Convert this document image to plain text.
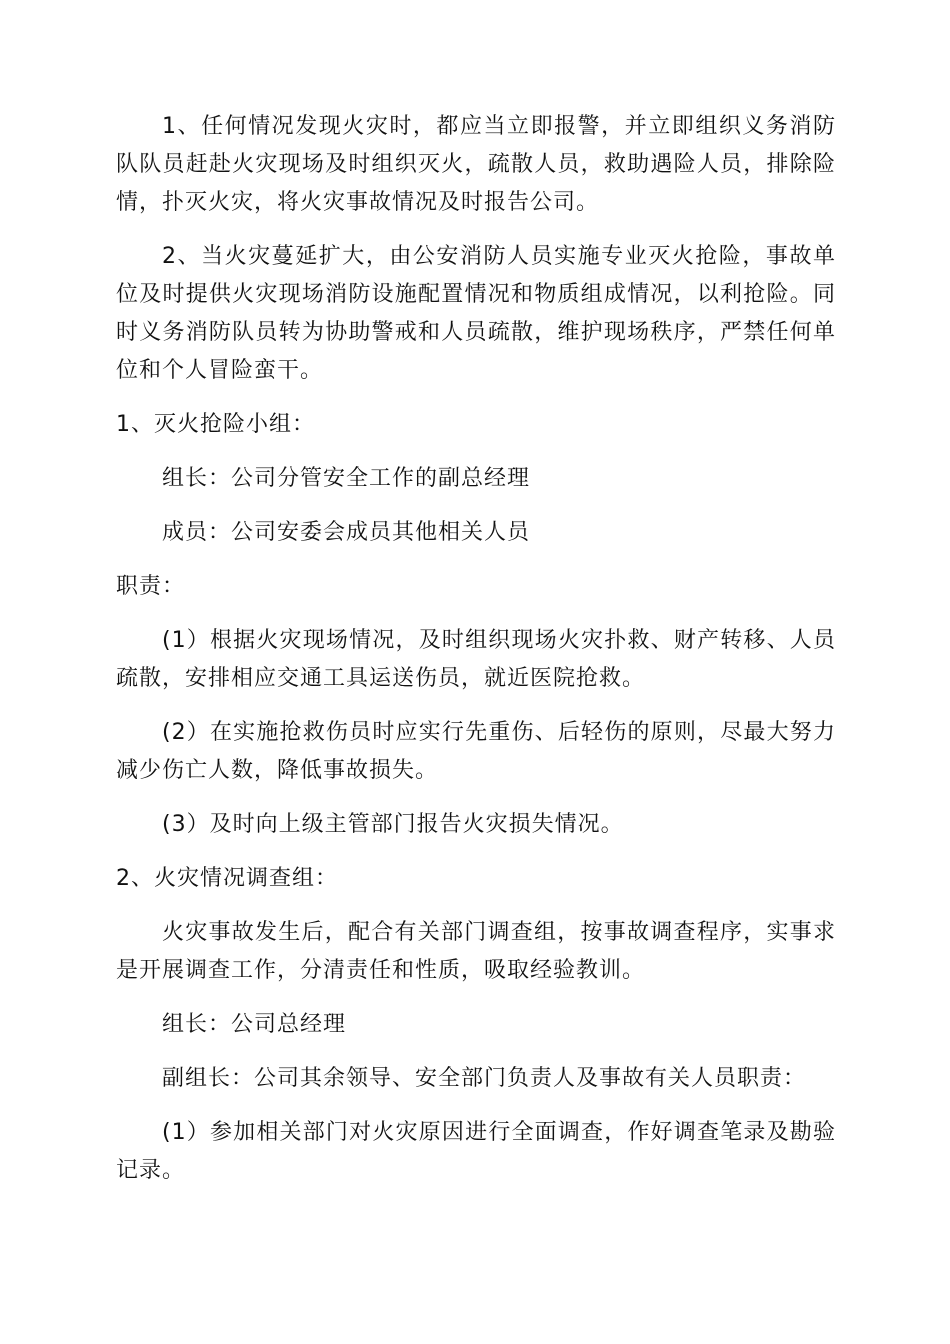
1、任何情况发现火灾时，都应当立即报警，并立即组织义务消防队队员赶赴火灾现场及时组织灭火，疏散人员，救助遇险人员，排除险情，扑灭火灾，将火灾事故情况及时报告公司。

2、当火灾蔓延扩大，由公安消防人员实施专业灭火抢险，事故单位及时提供火灾现场消防设施配置情况和物质组成情况，以利抢险。同时义务消防队员转为协助警戒和人员疏散，维护现场秩序，严禁任何单位和个人冒险蛮干。

1、灭火抢险小组：

组长：公司分管安全工作的副总经理

成员：公司安委会成员其他相关人员

职责：

(1）根据火灾现场情况，及时组织现场火灾扑救、财产转移、人员疏散，安排相应交通工具运送伤员，就近医院抢救。

(2）在实施抢救伤员时应实行先重伤、后轻伤的原则，尽最大努力减少伤亡人数，降低事故损失。

(3）及时向上级主管部门报告火灾损失情况。

2、火灾情况调查组：

火灾事故发生后，配合有关部门调查组，按事故调查程序，实事求是开展调查工作，分清责任和性质，吸取经验教训。

组长：公司总经理

副组长：公司其余领导、安全部门负责人及事故有关人员职责：

(1）参加相关部门对火灾原因进行全面调查，作好调查笔录及勘验记录。
